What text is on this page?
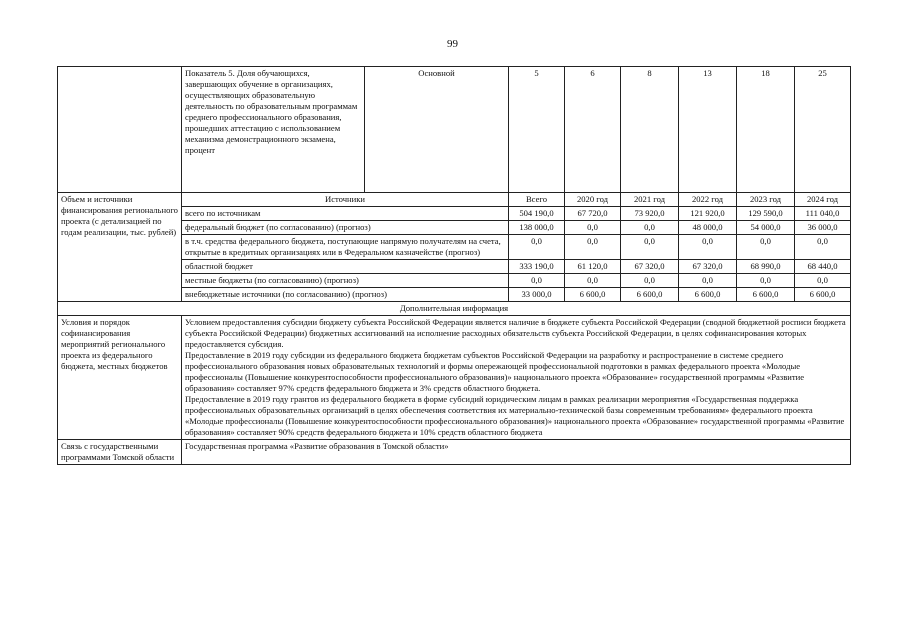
99
	Показатель 5. Доля обучающихся, завершающих обучение в организациях, осуществляющих образовательную деятельность по образовательным программам среднего профессионального образования, прошедших аттестацию с использованием механизма демонстрационного экзамена, процент	Основной	5	6	8	13	18	25
Объем и источники финансирования регионального проекта (с детализацией по годам реализации, тыс. рублей)	Источники		Всего	2020 год	2021 год	2022 год	2023 год	2024 год
	всего по источникам		504 190,0	67 720,0	73 920,0	121 920,0	129 590,0	111 040,0
	федеральный бюджет (по согласованию) (прогноз)		138 000,0	0,0	0,0	48 000,0	54 000,0	36 000,0
	в т.ч. средства федерального бюджета, поступающие напрямую получателям на счета, открытые в кредитных организациях или в Федеральном казначействе (прогноз)		0,0	0,0	0,0	0,0	0,0	0,0
	областной бюджет		333 190,0	61 120,0	67 320,0	67 320,0	68 990,0	68 440,0
	местные бюджеты (по согласованию) (прогноз)		0,0	0,0	0,0	0,0	0,0	0,0
	внебюджетные источники (по согласованию) (прогноз)		33 000,0	6 600,0	6 600,0	6 600,0	6 600,0	6 600,0
Дополнительная информация								
Условия и порядок софинансирования мероприятий регионального проекта из федерального бюджета, местных бюджетов	Условием предоставления субсидии бюджету субъекта Российской Федерации является наличие в бюджете субъекта Российской Федерации (сводной бюджетной росписи бюджета субъекта Российской Федерации) бюджетных ассигнований на исполнение расходных обязательств субъекта Российской Федерации, в целях софинансирования которых предоставляется субсидия.

Предоставление в 2019 году субсидии из федерального бюджета бюджетам субъектов Российской Федерации на разработку и распространение в системе среднего профессионального образования новых образовательных технологий и формы опережающей профессиональной подготовки в рамках федерального проекта «Молодые профессионалы (Повышение конкурентоспособности профессионального образования)» национального проекта «Образование» государственной программы «Развитие образования» составляет 97% средств федерального бюджета и 3% средств областного бюджета.

Предоставление в 2019 году грантов из федерального бюджета в форме субсидий юридическим лицам в рамках реализации мероприятия «Государственная поддержка профессиональных образовательных организаций в целях обеспечения соответствия их материально-технической базы современным требованиям» федерального проекта «Молодые профессионалы (Повышение конкурентоспособности профессионального образования)» национального проекта «Образование» государственной программы «Развитие образования» составляет 90% средств федерального бюджета и 10% средств областного бюджета							

Связь с государственными программами Томской области	Государственная программа «Развитие образования в Томской области»							
